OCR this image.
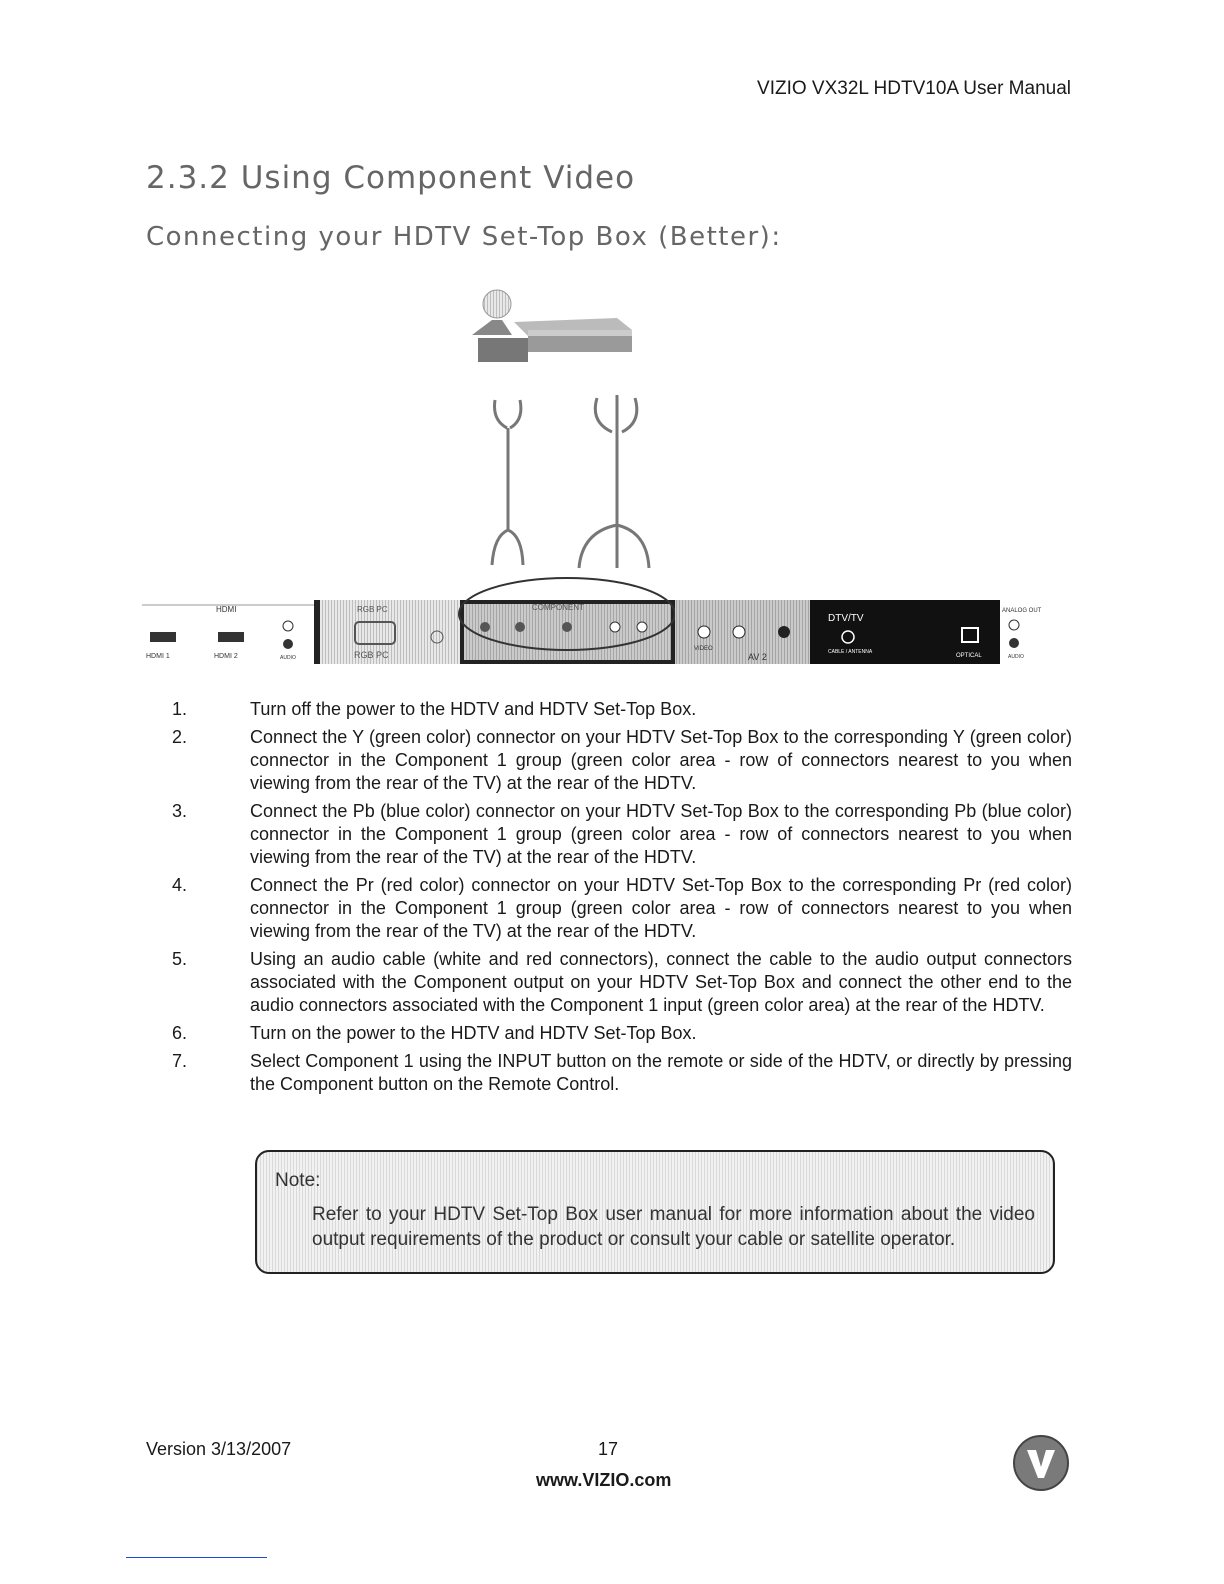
VIZIO VX32L HDTV10A User Manual
2.3.2 Using Component Video
Connecting your HDTV Set-Top Box (Better):
HDMI
HDMI 1	HDMI 2	AUDIO
RGB PC
RGB PC
COMPONENT
VIDEO
AV 2
DTV/TV
CABLE / ANTENNA
OPTICAL
ANALOG OUT
AUDIO
1.	Turn off the power to the HDTV and HDTV Set-Top Box.
2.	Connect the Y (green color) connector on your HDTV Set-Top Box to the corresponding Y (green color) connector in the Component 1 group (green color area - row of connectors nearest to you when viewing from the rear of the TV) at the rear of the HDTV.
3.	Connect the Pb (blue color) connector on your HDTV Set-Top Box to the corresponding Pb (blue color) connector in the Component 1 group (green color area - row of connectors nearest to you when viewing from the rear of the TV) at the rear of the HDTV.
4.	Connect the Pr (red color) connector on your HDTV Set-Top Box to the corresponding Pr (red color) connector in the Component 1 group (green color area - row of connectors nearest to you when viewing from the rear of the TV) at the rear of the HDTV.
5.	Using an audio cable (white and red connectors), connect the cable to the audio output connectors associated with the Component output on your HDTV Set-Top Box and connect the other end to the audio connectors associated with the Component 1 input (green color area) at the rear of the HDTV.
6.	Turn on the power to the HDTV and HDTV Set-Top Box.
7.	Select Component 1 using the INPUT button on the remote or side of the HDTV, or directly by pressing the Component button on the Remote Control.
Note:
Refer to your HDTV Set-Top Box user manual for more information about the video output requirements of the product or consult your cable or satellite operator.
Version 3/13/2007	17
www.VIZIO.com
